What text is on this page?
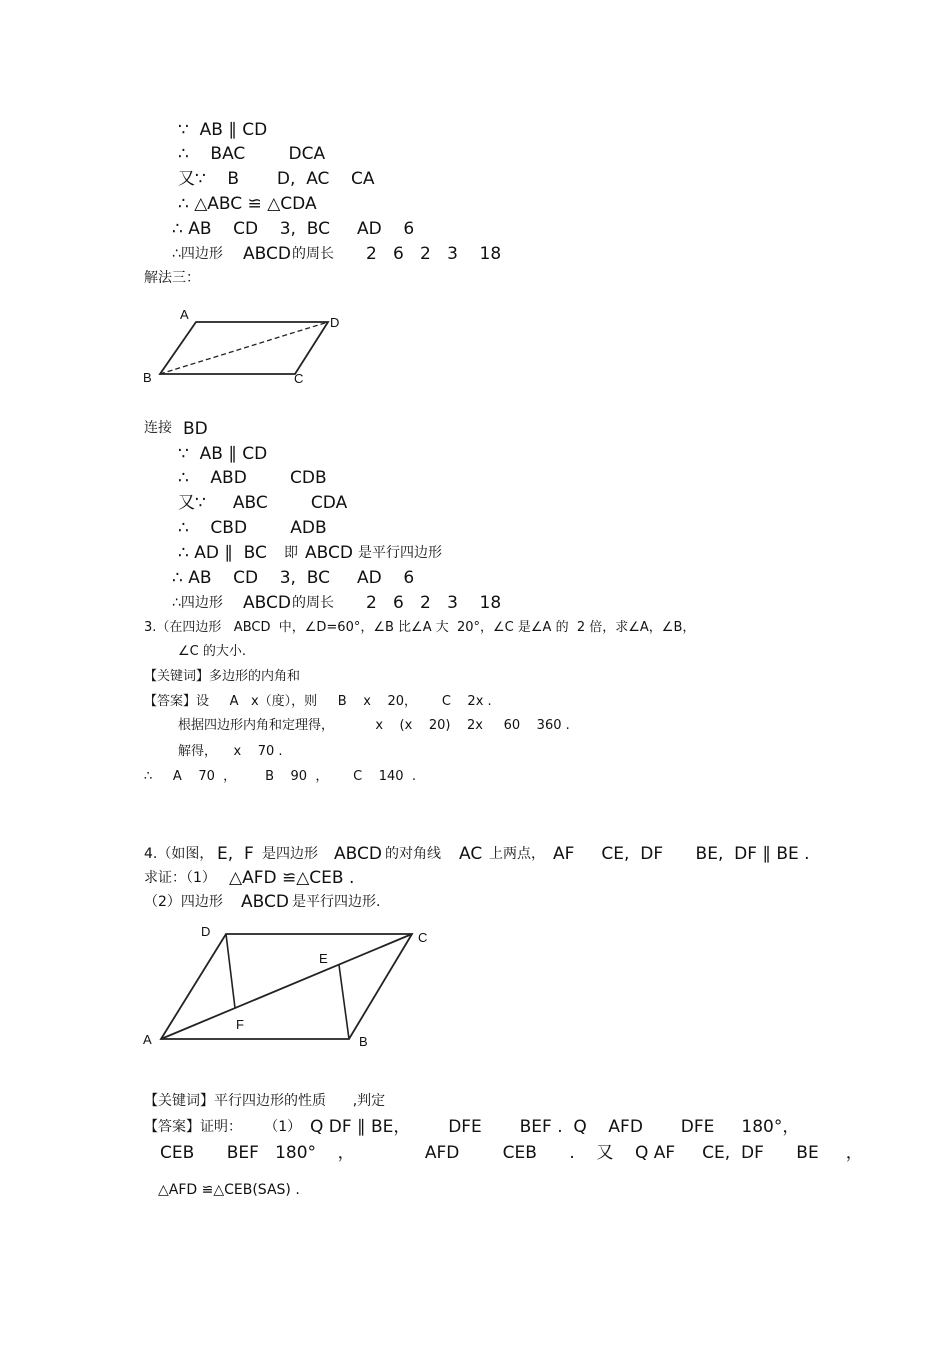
∵  AB ∥ CD
∴    BAC        DCA
又∵    B       D,  AC    CA
∴ △ABC ≌ △CDA
∴ AB    CD    3,  BC     AD    6
∴四边形 ABCD 的周长 2   6   2   3    18
解法三：
A
D
B	C
连接 BD
∵  AB ∥ CD
∴    ABD        CDB
又∵     ABC        CDA
∴    CBD        ADB
∴ AD ∥  BC 即 ABCD 是平行四边形
∴ AB    CD    3,  BC     AD    6
∴四边形 ABCD 的周长 2   6   2   3    18
3.（在四边形   ABCD  中，∠D=60°，∠B 比∠A 大  20°，∠C 是∠A 的  2 倍，求∠A，∠B，
∠C 的大小.
【关键词】多边形的内角和
【答案】设     A   x（度），则     B    x    20，      C    2x .
根据四边形内角和定理得，          x    (x    20)    2x     60    360 .
解得，    x    70 .
∴     A    70  ，       B    90  ，      C    140  .
4.（如图， E,  F 是四边形 ABCD 的对角线 AC 上两点， AF     CE,  DF      BE,  DF ∥ BE .
求证：（1） △AFD ≌△CEB .
（2）四边形 ABCD 是平行四边形.
D	C
E
F
A	B
【关键词】平行四边形的性质      ,判定
【答案】证明：     （1） Q DF ∥ BE，       DFE       BEF .  Q    AFD       DFE     180°，
CEB      BEF   180°    ，             AFD        CEB      .    又    Q AF     CE,  DF      BE     ，
△AFD ≌△CEB(SAS) .
